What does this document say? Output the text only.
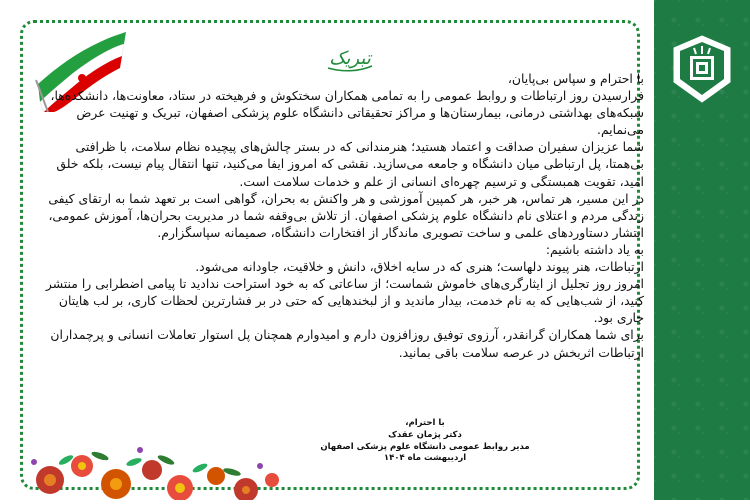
تبریک

با احترام و سپاس بی‌پایان،

فرارسیدن روز ارتباطات و روابط عمومی را به تمامی همکاران سختکوش و فرهیخته در ستاد، معاونت‌ها، دانشکده‌ها، شبکه‌های بهداشتی درمانی، بیمارستان‌ها و مراکز تحقیقاتی دانشگاه علوم پزشکی اصفهان، تبریک و تهنیت عرض می‌نمایم.

شما عزیزان سفیران صداقت و اعتماد هستید؛ هنرمندانی که در بستر چالش‌های پیچیده نظام سلامت، با ظرافتی بی‌همتا، پل ارتباطی میان دانشگاه و جامعه می‌سازید. نقشی که امروز ایفا می‌کنید، تنها انتقال پیام نیست، بلکه خلق امید، تقویت همبستگی و ترسیم چهره‌ای انسانی از علم و خدمات سلامت است.

در این مسیر، هر تماس، هر خبر، هر کمپین آموزشی و هر واکنش به بحران، گواهی است بر تعهد شما به ارتقای کیفی زندگی مردم و اعتلای نام دانشگاه علوم پزشکی اصفهان. از تلاش بی‌وقفه شما در مدیریت بحران‌ها، آموزش عمومی، انتشار دستاوردهای علمی و ساخت تصویری ماندگار از افتخارات دانشگاه، صمیمانه سپاسگزارم.

به یاد داشته باشیم:

ارتباطات، هنر پیوند دلهاست؛ هنری که در سایه اخلاق، دانش و خلاقیت، جاودانه می‌شود.

امروز روز تجلیل از ایثارگری‌های خاموش شماست؛ از ساعاتی که به خود استراحت ندادید تا پیامی اضطرابی را منتشر کنید، از شب‌هایی که به نام خدمت، بیدار ماندید و از لبخندهایی که حتی در بر فشارترین لحظات کاری، بر لب هایتان جاری بود.

برای شما همکاران گرانقدر، آرزوی توفیق روزافزون دارم و امیدوارم همچنان پل استوار تعاملات انسانی و پرچمداران ارتباطات اثربخش در عرصه سلامت باقی بمانید.

با احترام،
دکتر پژمان عقدک
مدیر روابط عمومی دانشگاه علوم پزشکی اصفهان
اردیبهشت ماه ۱۴۰۴
